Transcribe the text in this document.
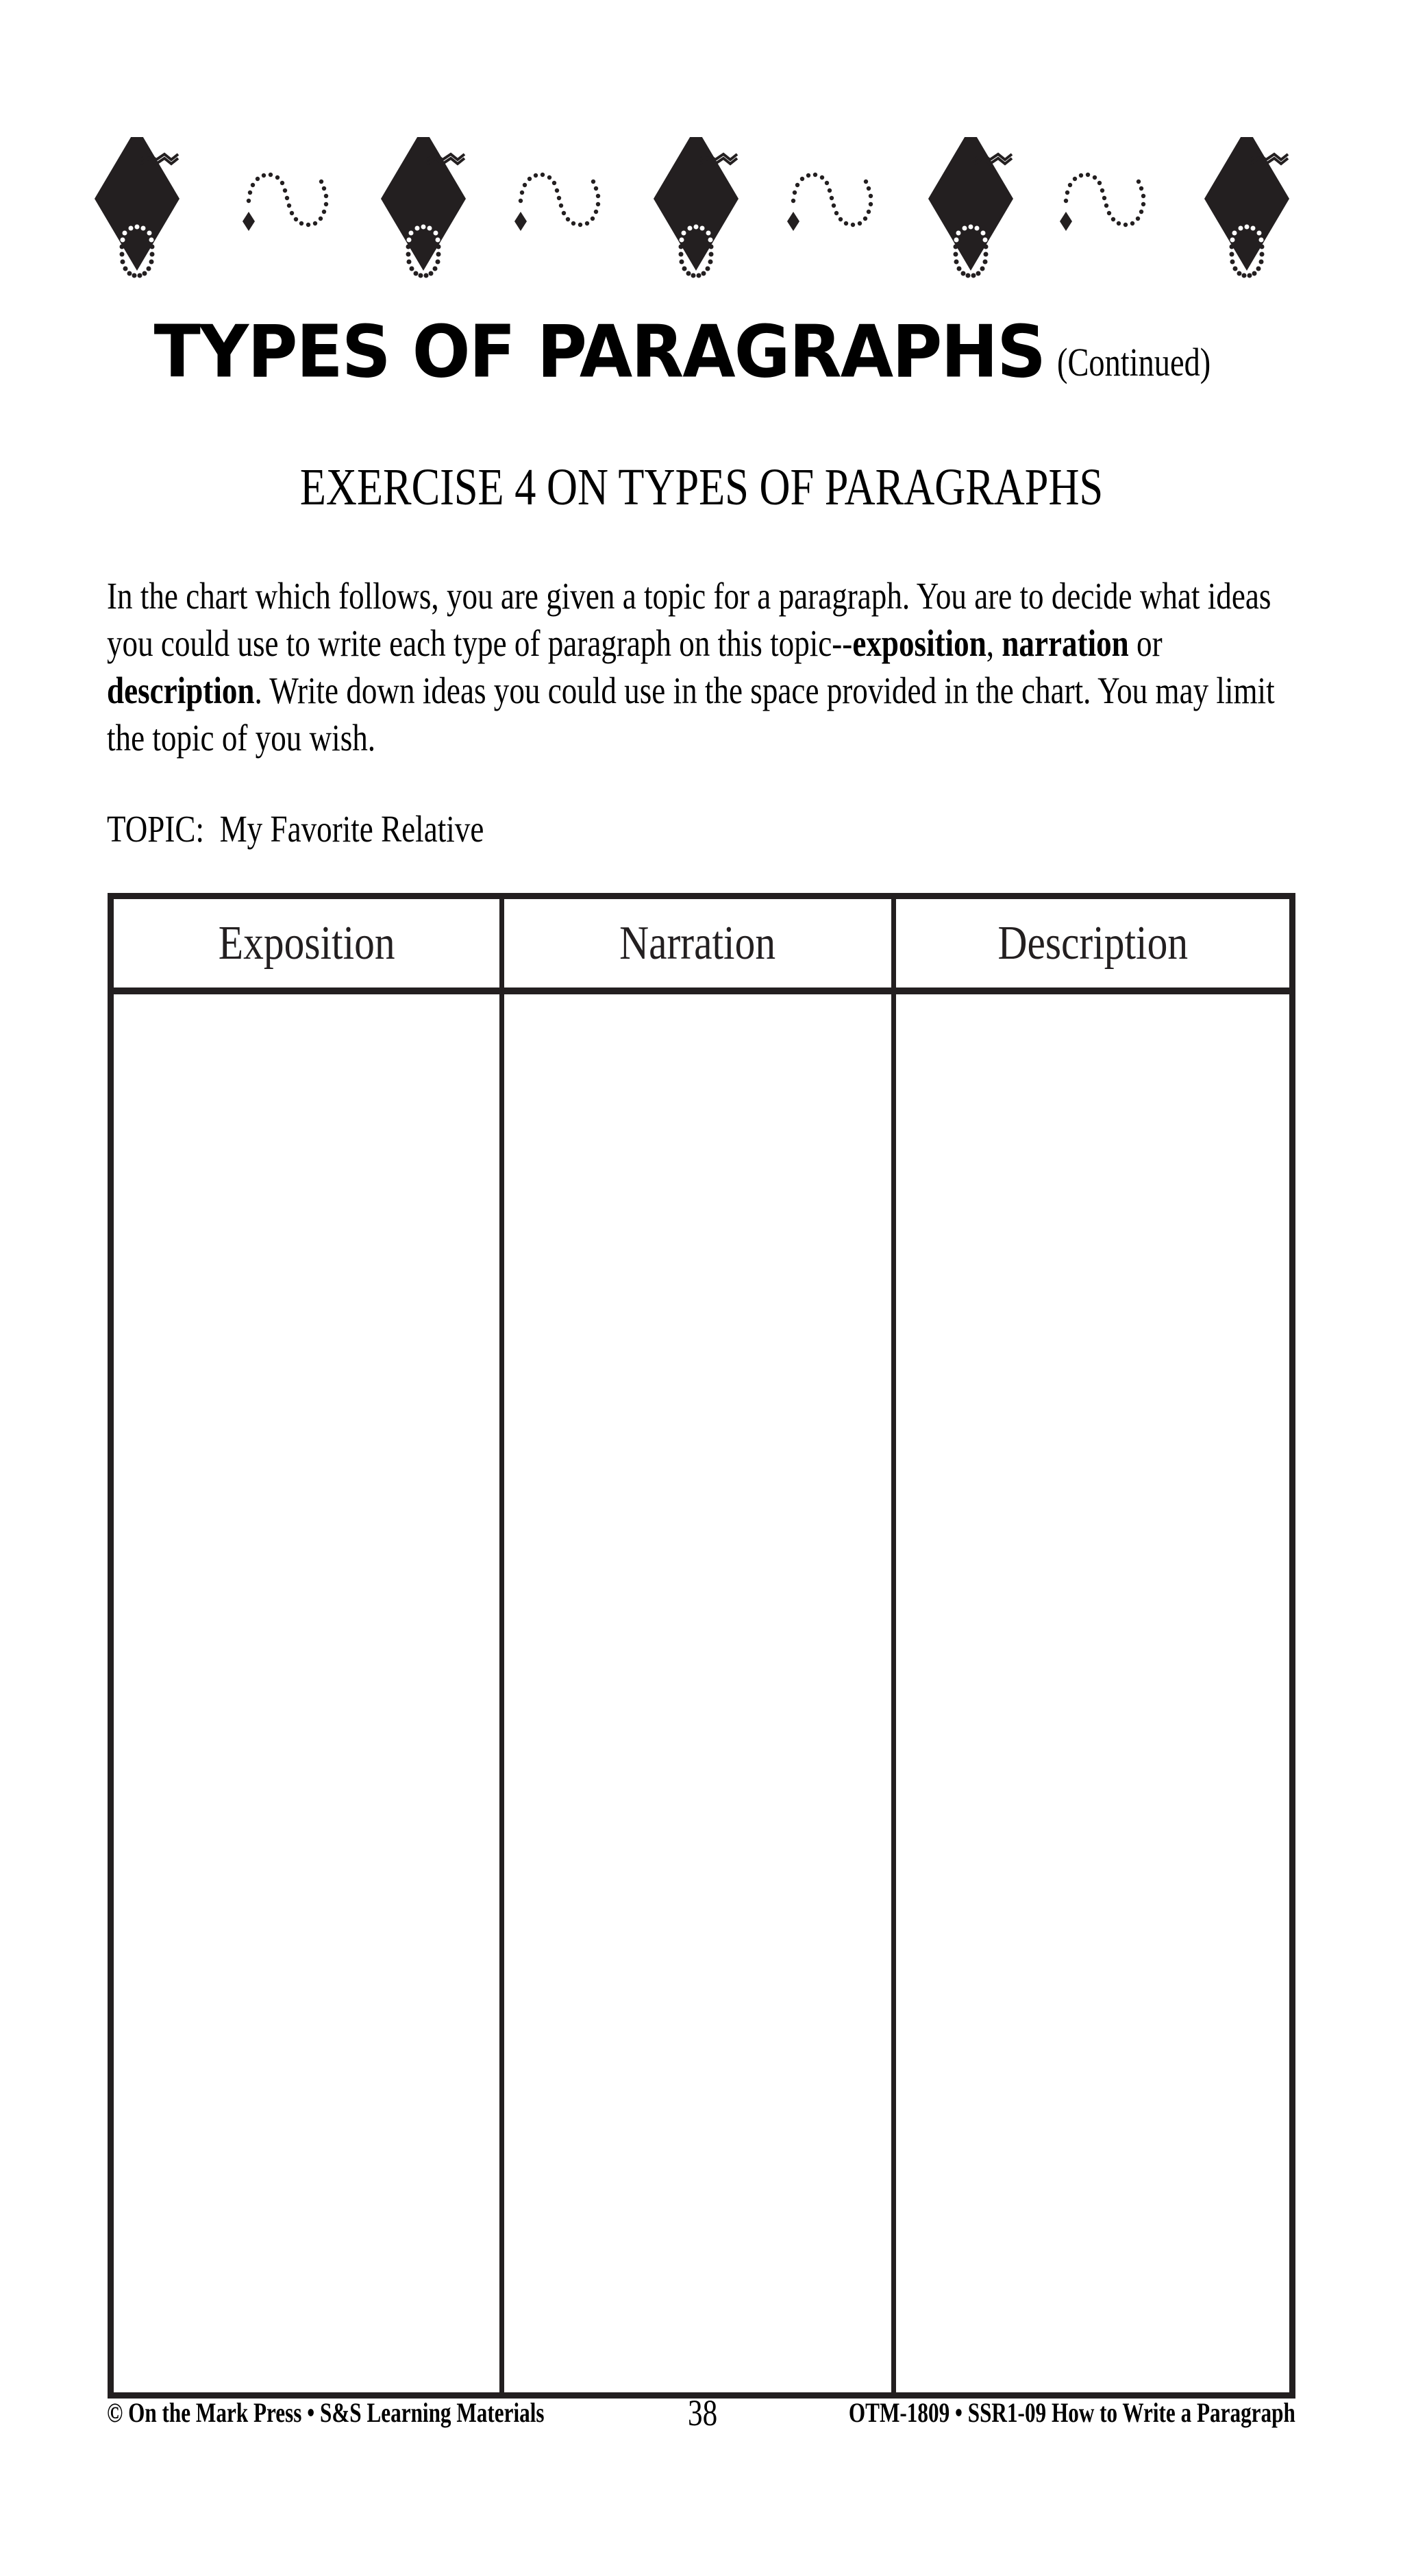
TYPES OF PARAGRAPHS (Continued)
EXERCISE 4 ON TYPES OF PARAGRAPHS
In the chart which follows, you are given a topic for a paragraph. You are to decide what ideas you could use to write each type of paragraph on this topic--exposition, narration or description. Write down ideas you could use in the space provided in the chart. You may limit the topic of you wish.
TOPIC: My Favorite Relative
Exposition	Narration	Description
© On the Mark Press • S&S Learning Materials	38	OTM-1809 • SSR1-09 How to Write a Paragraph
